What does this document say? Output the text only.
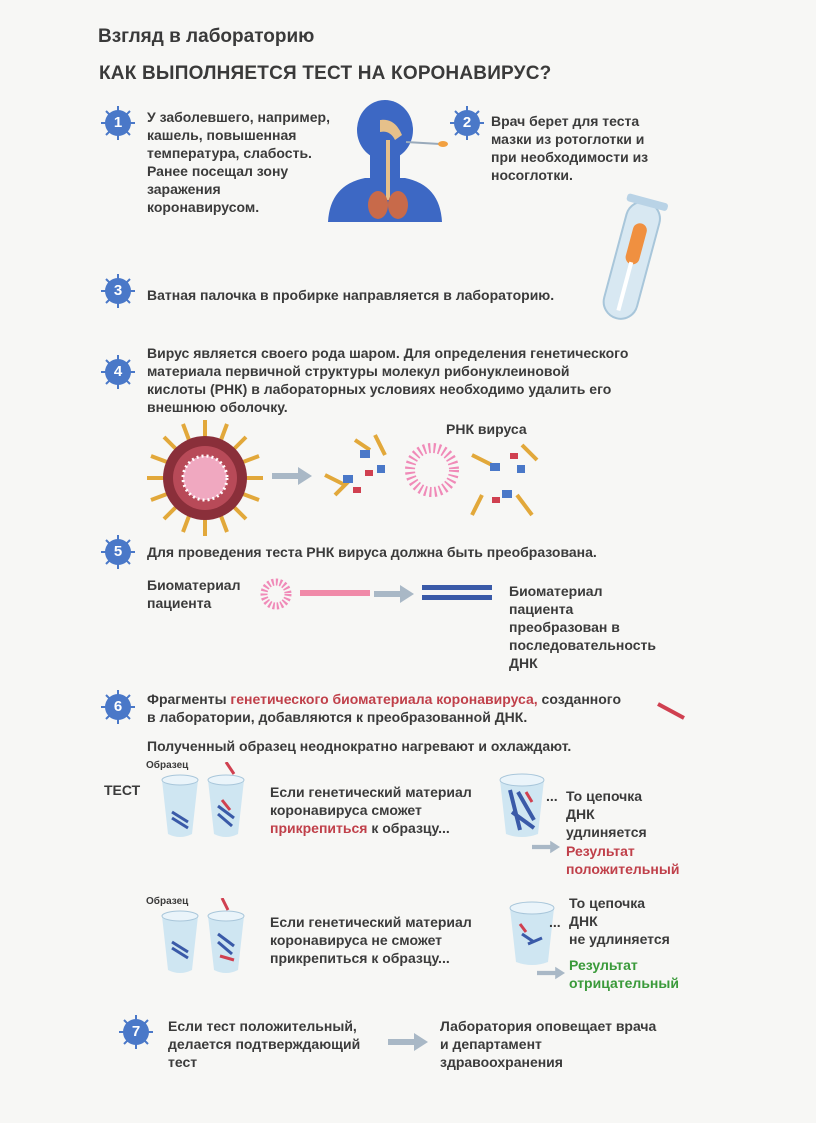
Взгляд в лабораторию
КАК ВЫПОЛНЯЕТСЯ ТЕСТ НА КОРОНАВИРУС?
1	У заболевшего, например,
кашель, повышенная
температура, слабость.
Ранее посещал зону
заражения
коронавирусом.
2	Врач берет для теста
мазки из ротоглотки и
при необходимости из
носоглотки.
3	Ватная палочка в пробирке направляется в лабораторию.
4
Вирус является своего рода шаром. Для определения генетического
материала первичной структуры молекул рибонуклеиновой
кислоты (РНК) в лабораторных условиях необходимо удалить его
внешнюю оболочку.
РНК вируса
5	Для проведения теста РНК вируса должна быть преобразована.
Биоматериал
пациента
Биоматериал
пациента
преобразован в
последовательность
ДНК
6	Фрагменты генетического биоматериала коронавируса, созданного
в лаборатории, добавляются к преобразованной ДНК.
Полученный образец неоднократно нагревают и охлаждают.
ТЕСТ
Образец
Если генетический материал
коронавируса сможет
прикрепиться к образцу...
... То цепочка
ДНК
удлиняется
Результат
положительный
Образец
Если генетический материал
коронавируса не сможет
прикрепиться к образцу...
...
То цепочка
ДНК
не удлиняется
Результат
отрицательный
7	Если тест положительный,
делается подтверждающий
тест
Лаборатория оповещает врача
и департамент
здравоохранения
